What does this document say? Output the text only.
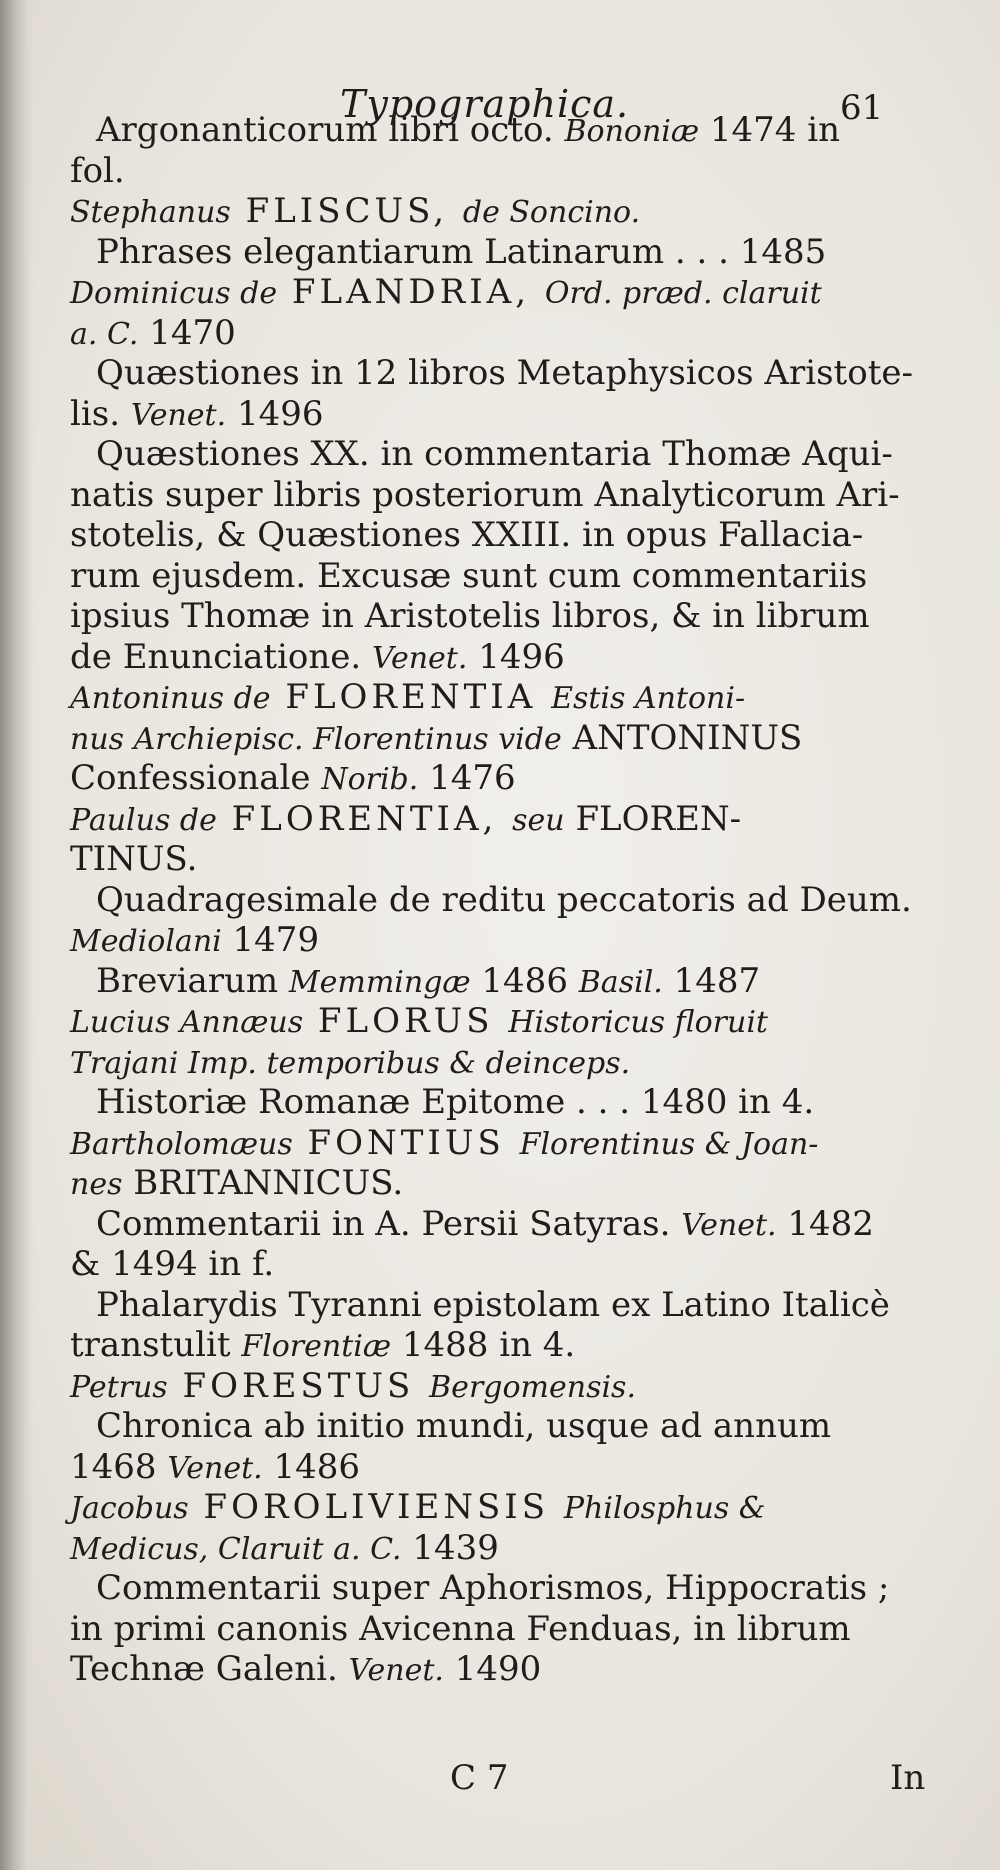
Typographica.	61
Argonanticorum libri octo. Bononiæ 1474 in
fol.
Stephanus FLISCUS, de Soncino.
Phrases elegantiarum Latinarum . . . 1485
Dominicus de FLANDRIA, Ord. præd. claruit
a. C. 1470
Quæstiones in 12 libros Metaphysicos Aristote-
lis. Venet. 1496
Quæstiones XX. in commentaria Thomæ Aqui-
natis super libris posteriorum Analyticorum Ari-
stotelis, & Quæstiones XXIII. in opus Fallacia-
rum ejusdem. Excusæ sunt cum commentariis
ipsius Thomæ in Aristotelis libros, & in librum
de Enunciatione. Venet. 1496
Antoninus de FLORENTIA Estis Antoni-
nus Archiepisc. Florentinus vide ANTONINUS
Confessionale Norib. 1476
Paulus de FLORENTIA, seu FLOREN-
TINUS.
Quadragesimale de reditu peccatoris ad Deum.
Mediolani 1479
Breviarum Memmingæ 1486 Basil. 1487
Lucius Annæus FLORUS Historicus floruit
Trajani Imp. temporibus & deinceps.
Historiæ Romanæ Epitome . . . 1480 in 4.
Bartholomæus FONTIUS Florentinus & Joan-
nes BRITANNICUS.
Commentarii in A. Persii Satyras. Venet. 1482
& 1494 in f.
Phalarydis Tyranni epistolam ex Latino Italicè
transtulit Florentiæ 1488 in 4.
Petrus FORESTUS Bergomensis.
Chronica ab initio mundi, usque ad annum
1468 Venet. 1486
Jacobus FOROLIVIENSIS Philosphus &
Medicus, Claruit a. C. 1439
Commentarii super Aphorismos, Hippocratis ;
in primi canonis Avicenna Fenduas, in librum
Technæ Galeni. Venet. 1490
C 7	In
